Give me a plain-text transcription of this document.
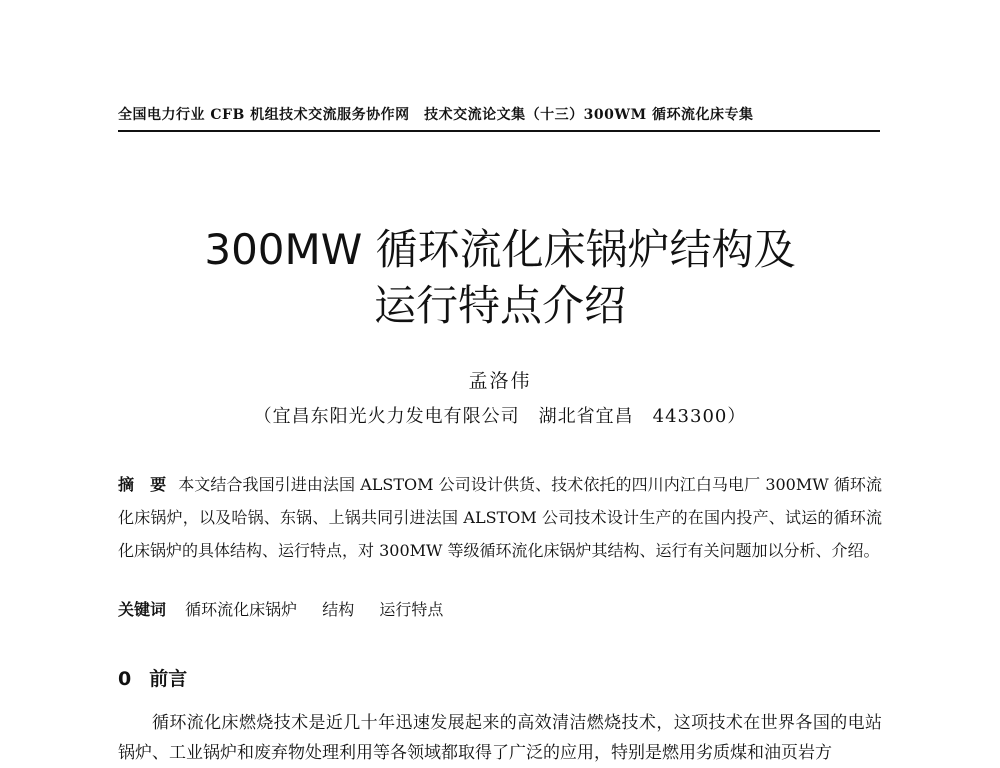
全国电力行业 CFB 机组技术交流服务协作网　技术交流论文集（十三）300WM 循环流化床专集
300MW 循环流化床锅炉结构及
运行特点介绍
孟洛伟
（宜昌东阳光火力发电有限公司　湖北省宜昌　443300）
摘　要 本文结合我国引进由法国 ALSTOM 公司设计供货、技术依托的四川内江白马电厂 300MW 循环流化床锅炉，以及哈锅、东锅、上锅共同引进法国 ALSTOM 公司技术设计生产的在国内投产、试运的循环流化床锅炉的具体结构、运行特点，对 300MW 等级循环流化床锅炉其结构、运行有关问题加以分析、介绍。
关键词 循环流化床锅炉 结构 运行特点
0 前言
循环流化床燃烧技术是近几十年迅速发展起来的高效清洁燃烧技术，这项技术在世界各国的电站锅炉、工业锅炉和废弃物处理利用等各领域都取得了广泛的应用，特别是燃用劣质煤和油页岩方
